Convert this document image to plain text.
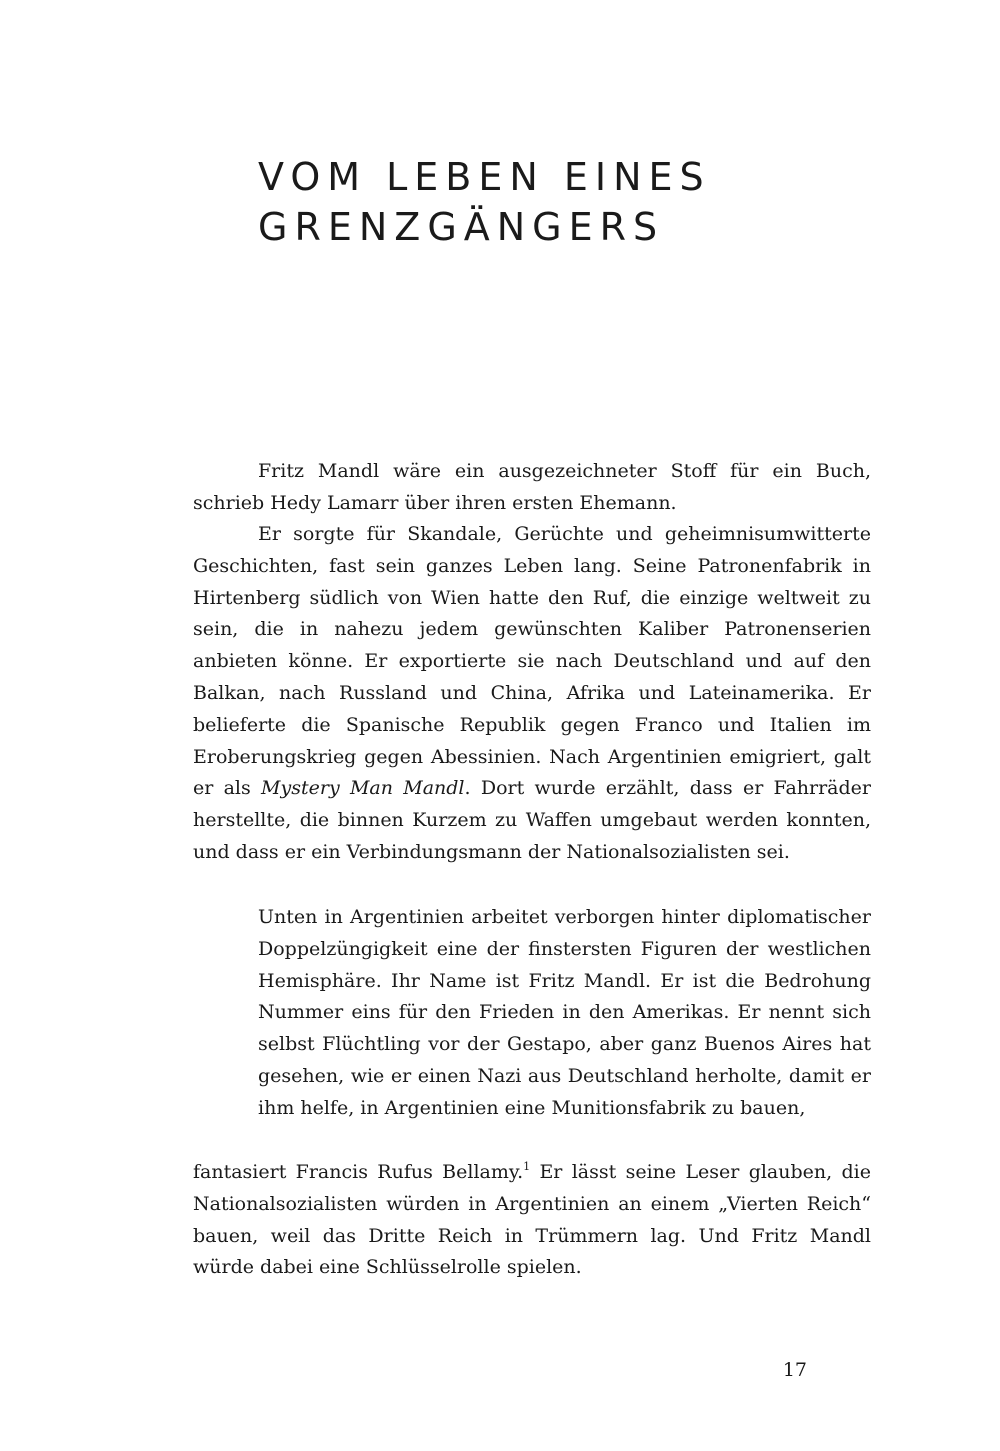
VOM LEBEN EINES
GRENZGÄNGERS

Fritz Mandl wäre ein ausgezeichneter Stoff für ein Buch, schrieb Hedy Lamarr über ihren ersten Ehemann.

Er sorgte für Skandale, Gerüchte und geheimnisumwitterte Geschichten, fast sein ganzes Leben lang. Seine Patronenfabrik in Hirtenberg südlich von Wien hatte den Ruf, die einzige weltweit zu sein, die in nahezu jedem gewünschten Kaliber Patronenserien anbieten könne. Er exportierte sie nach Deutschland und auf den Balkan, nach Russland und China, Afrika und Lateinamerika. Er belieferte die Spanische Republik gegen Franco und Italien im Eroberungskrieg gegen Abessinien. Nach Argentinien emigriert, galt er als Mystery Man Mandl. Dort wurde erzählt, dass er Fahrräder herstellte, die binnen Kurzem zu Waffen umgebaut werden konnten, und dass er ein Verbindungsmann der Nationalsozialisten sei.

Unten in Argentinien arbeitet verborgen hinter diplomatischer Doppelzüngigkeit eine der finstersten Figuren der westlichen Hemisphäre. Ihr Name ist Fritz Mandl. Er ist die Bedrohung Nummer eins für den Frieden in den Amerikas. Er nennt sich selbst Flüchtling vor der Gestapo, aber ganz Buenos Aires hat gesehen, wie er einen Nazi aus Deutschland herholte, damit er ihm helfe, in Argentinien eine Munitionsfabrik zu bauen,

fantasiert Francis Rufus Bellamy.$^1$ Er lässt seine Leser glauben, die Nationalsozialisten würden in Argentinien an einem „Vierten Reich“ bauen, weil das Dritte Reich in Trümmern lag. Und Fritz Mandl würde dabei eine Schlüsselrolle spielen.

17
